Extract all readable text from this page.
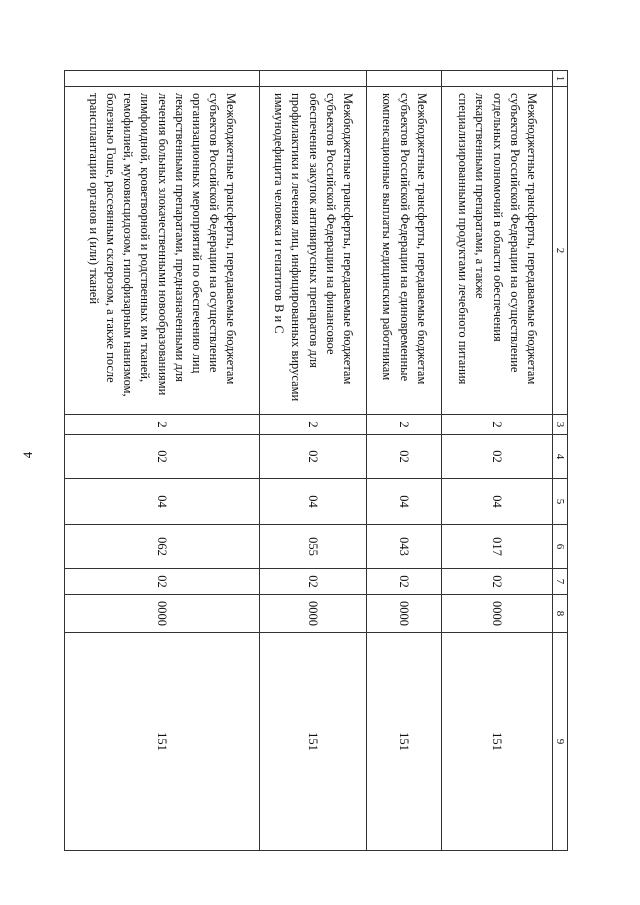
4
1	2	3	4	5	6	7	8	9
	Межбюджетные трансферты, передаваемые бюджетам субъектов Российской Федерации на осуществление отдельных полномочий в области обеспечения лекарственными препаратами, а также специализированными продуктами лечебного питания	2	02	04	017	02	0000	151
	Межбюджетные трансферты, передаваемые бюджетам субъектов Российской Федерации на единовременные компенсационные выплаты медицинским работникам	2	02	04	043	02	0000	151
	Межбюджетные трансферты, передаваемые бюджетам субъектов Российской Федерации на финансовое обеспечение закупок антивирусных препаратов для профилактики и лечения лиц, инфицированных вирусами иммунодефицита человека и гепатитов В и С	2	02	04	055	02	0000	151
	Межбюджетные трансферты, передаваемые бюджетам субъектов Российской Федерации на осуществление организационных мероприятий по обеспечению лиц лекарственными препаратами, предназначенными для лечения больных злокачественными новообразованиями лимфоидной, кроветворной и родственных им тканей, гемофилией, муковисцидозом, гипофизарным нанизмом, болезнью Гоше, рассеянным склерозом, а также после трансплантации органов и (или) тканей	2	02	04	062	02	0000	151
